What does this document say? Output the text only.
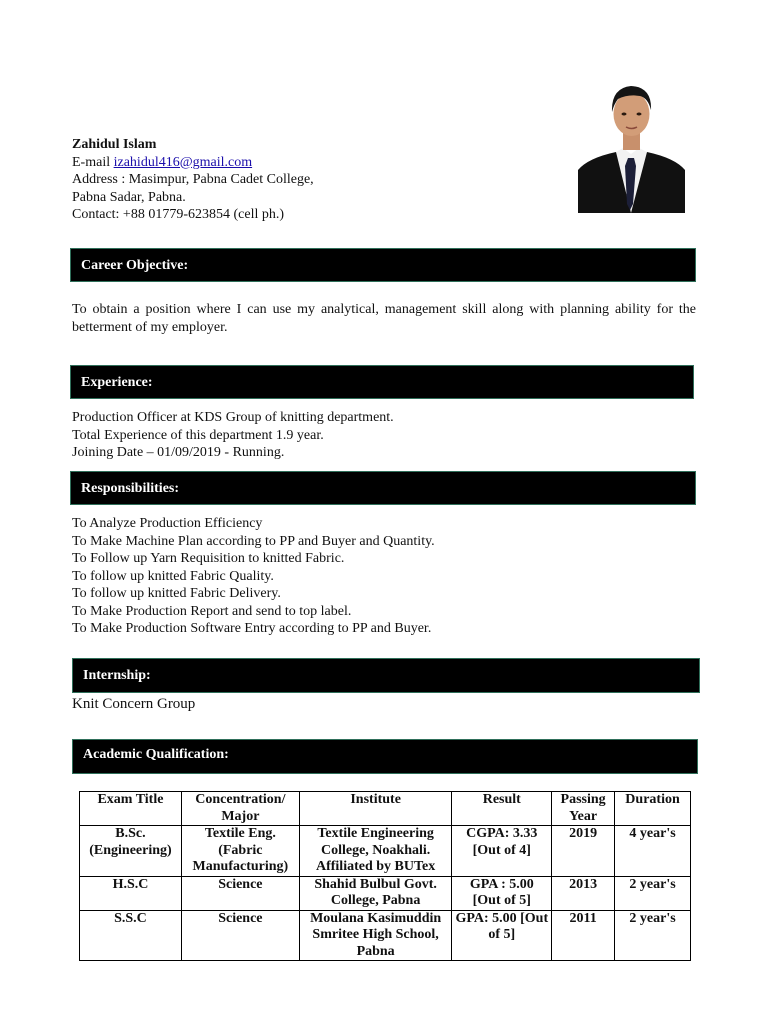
Zahidul Islam
E-mail izahidul416@gmail.com
Address : Masimpur, Pabna Cadet College,
Pabna Sadar, Pabna.
Contact: +88 01779-623854 (cell ph.)
Career Objective:
To obtain a position where I can use my analytical, management skill along with planning ability for the betterment of my employer.
Experience:
Production Officer at KDS Group of knitting department.
Total Experience of this department 1.9 year.
Joining Date – 01/09/2019 - Running.
Responsibilities:
To Analyze Production Efficiency
To Make Machine Plan according to PP and Buyer and Quantity.
To Follow up Yarn Requisition to knitted Fabric.
To follow up knitted Fabric Quality.
To follow up knitted Fabric Delivery.
To Make Production Report and send to top label.
To Make Production Software Entry according to PP and Buyer.
Internship:
Knit Concern Group
Academic Qualification:
Exam Title	Concentration/ Major	Institute	Result	Passing Year	Duration
B.Sc. (Engineering)	Textile Eng.(Fabric Manufacturing)	Textile Engineering College, Noakhali. Affiliated by BUTex	CGPA: 3.33 [Out of 4]	2019	4 year's
H.S.C	Science	Shahid Bulbul Govt. College, Pabna	GPA : 5.00 [Out of 5]	2013	2 year's
S.S.C	Science	Moulana Kasimuddin Smritee High School, Pabna	GPA: 5.00 [Out of 5]	2011	2 year's
